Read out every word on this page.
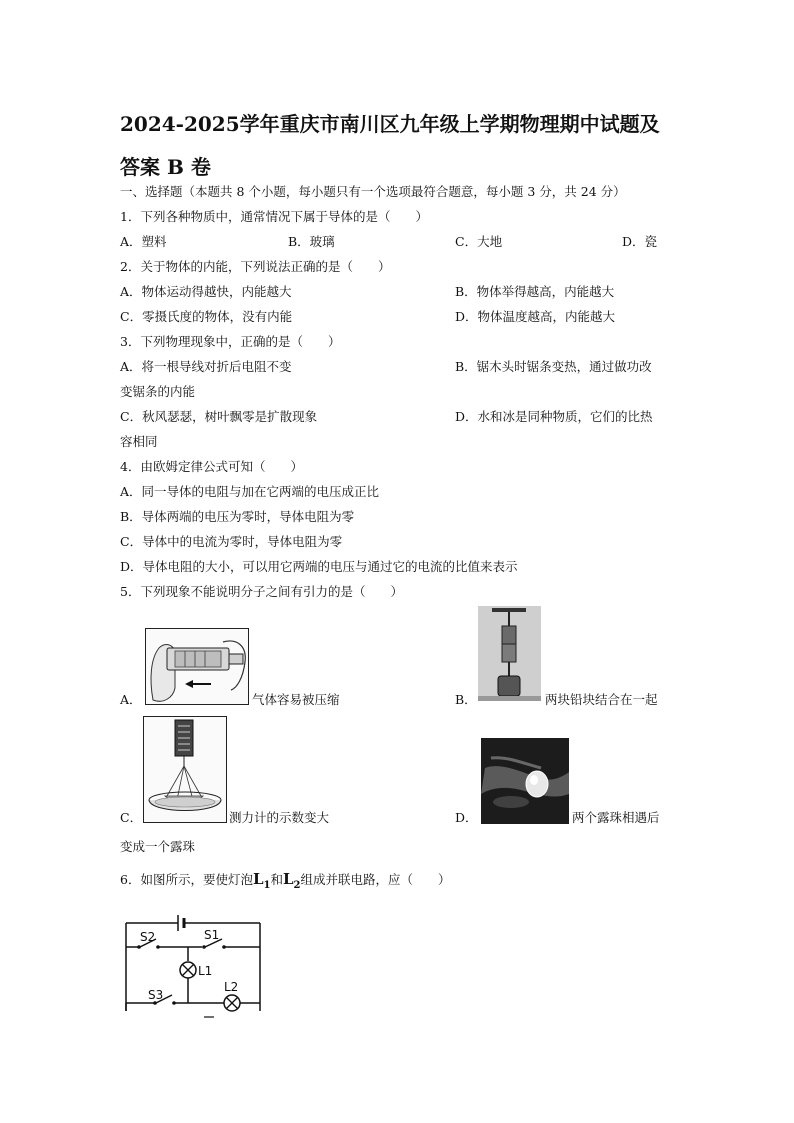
2024-2025学年重庆市南川区九年级上学期物理期中试题及
答案 B 卷
一、选择题（本题共 8 个小题，每小题只有一个选项最符合题意，每小题 3 分，共 24 分）
1．下列各种物质中，通常情况下属于导体的是（　　）
A．塑料	B．玻璃	C．大地	D．瓷
2．关于物体的内能，下列说法正确的是（　　）
A．物体运动得越快，内能越大	B．物体举得越高，内能越大
C．零摄氏度的物体，没有内能	D．物体温度越高，内能越大
3．下列物理现象中，正确的是（　　）
A．将一根导线对折后电阻不变	B．锯木头时锯条变热，通过做功改
变锯条的内能
C．秋风瑟瑟，树叶飘零是扩散现象	D．水和冰是同种物质，它们的比热
容相同
4．由欧姆定律公式可知（　　）
A．同一导体的电阻与加在它两端的电压成正比
B．导体两端的电压为零时，导体电阻为零
C．导体中的电流为零时，导体电阻为零
D．导体电阻的大小，可以用它两端的电压与通过它的电流的比值来表示
5．下列现象不能说明分子之间有引力的是（　　）
A．	气体容易被压缩	B．	两块铅块结合在一起
C．	测力计的示数变大	D．	两个露珠相遇后
变成一个露珠
6．如图所示，要使灯泡$L_1$和$L_2$组成并联电路，应（　　）
S2	S1
L1
S3
L2
